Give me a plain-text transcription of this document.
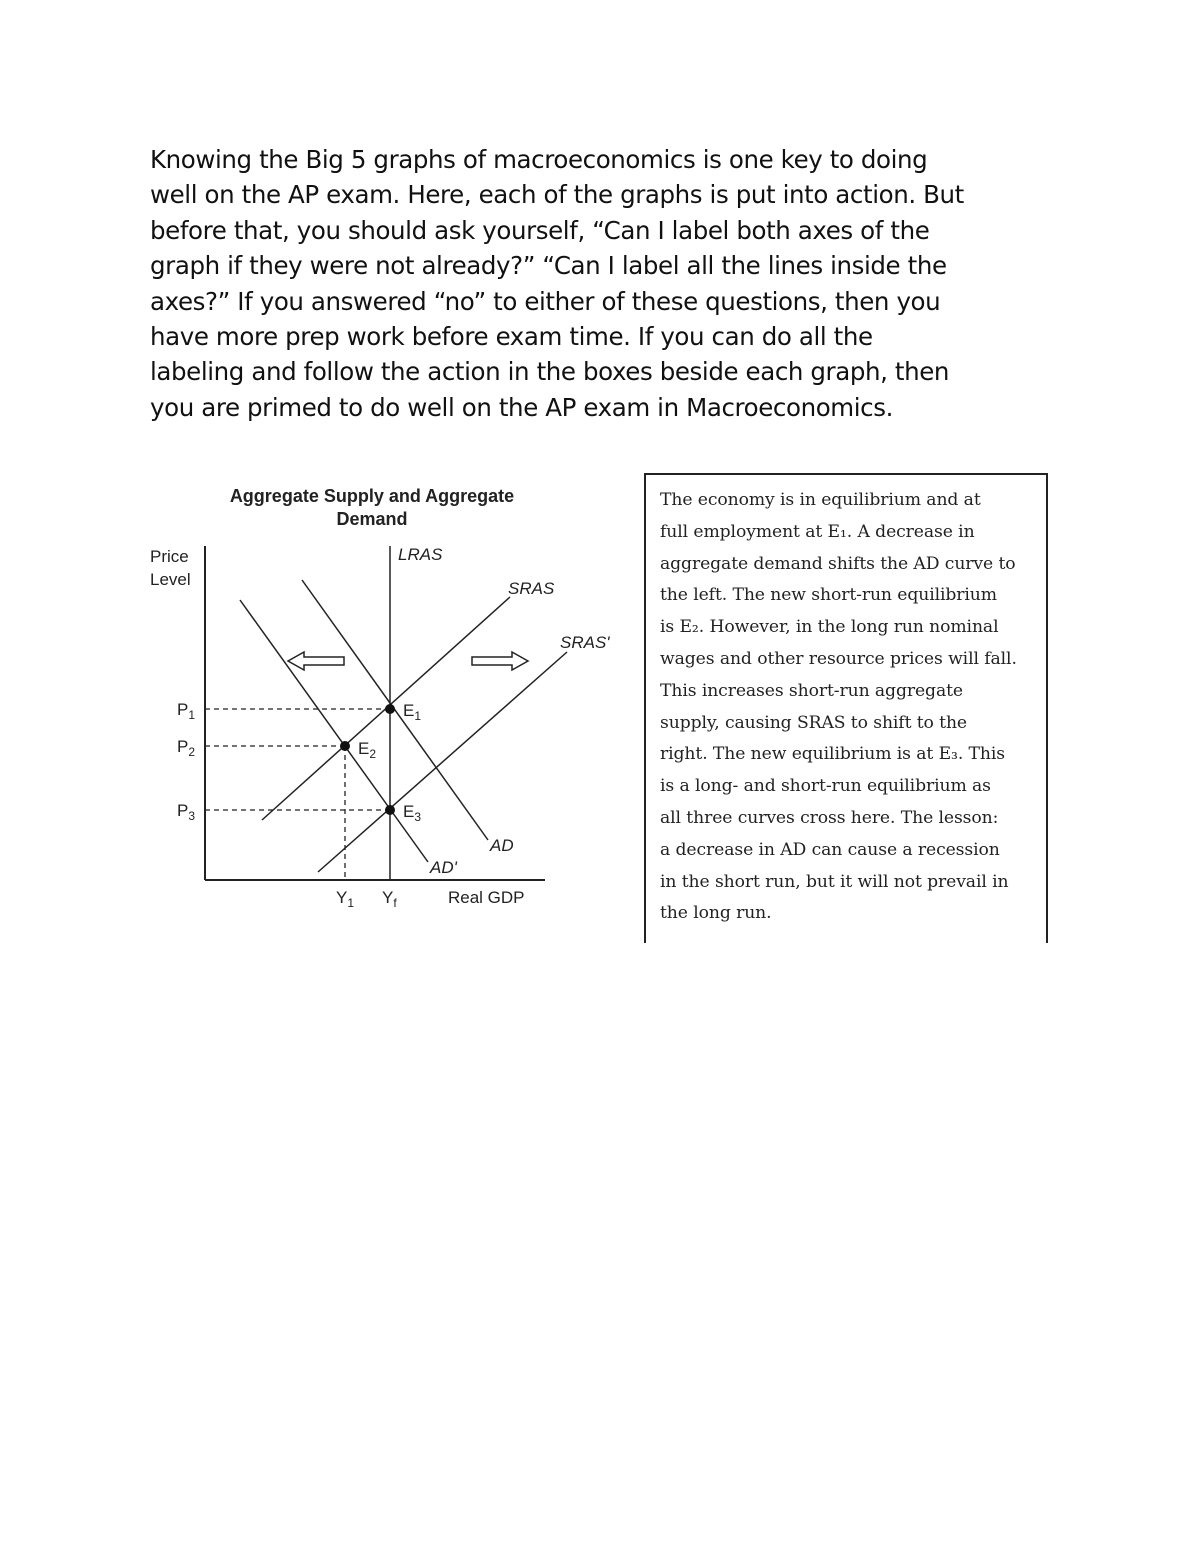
Knowing the Big 5 graphs of macroeconomics is one key to doing
well on the AP exam. Here, each of the graphs is put into action. But
before that, you should ask yourself, “Can I label both axes of the
graph if they were not already?” “Can I label all the lines inside the
axes?” If you answered “no” to either of these questions, then you
have more prep work before exam time. If you can do all the
labeling and follow the action in the boxes beside each graph, then
you are primed to do well on the AP exam in Macroeconomics.
Aggregate Supply and Aggregate
Demand
Price
Level
Real GDP
LRAS
SRAS
SRAS'
AD
AD'
$P_1$
$P_2$
$P_3$
$Y_1$ $Y_f$
$E_1$
$E_2$
$E_3$
The economy is in equilibrium and at
full employment at E₁. A decrease in
aggregate demand shifts the AD curve to
the left. The new short-run equilibrium
is E₂. However, in the long run nominal
wages and other resource prices will fall.
This increases short-run aggregate
supply, causing SRAS to shift to the
right. The new equilibrium is at E₃. This
is a long- and short-run equilibrium as
all three curves cross here. The lesson:
a decrease in AD can cause a recession
in the short run, but it will not prevail in
the long run.
